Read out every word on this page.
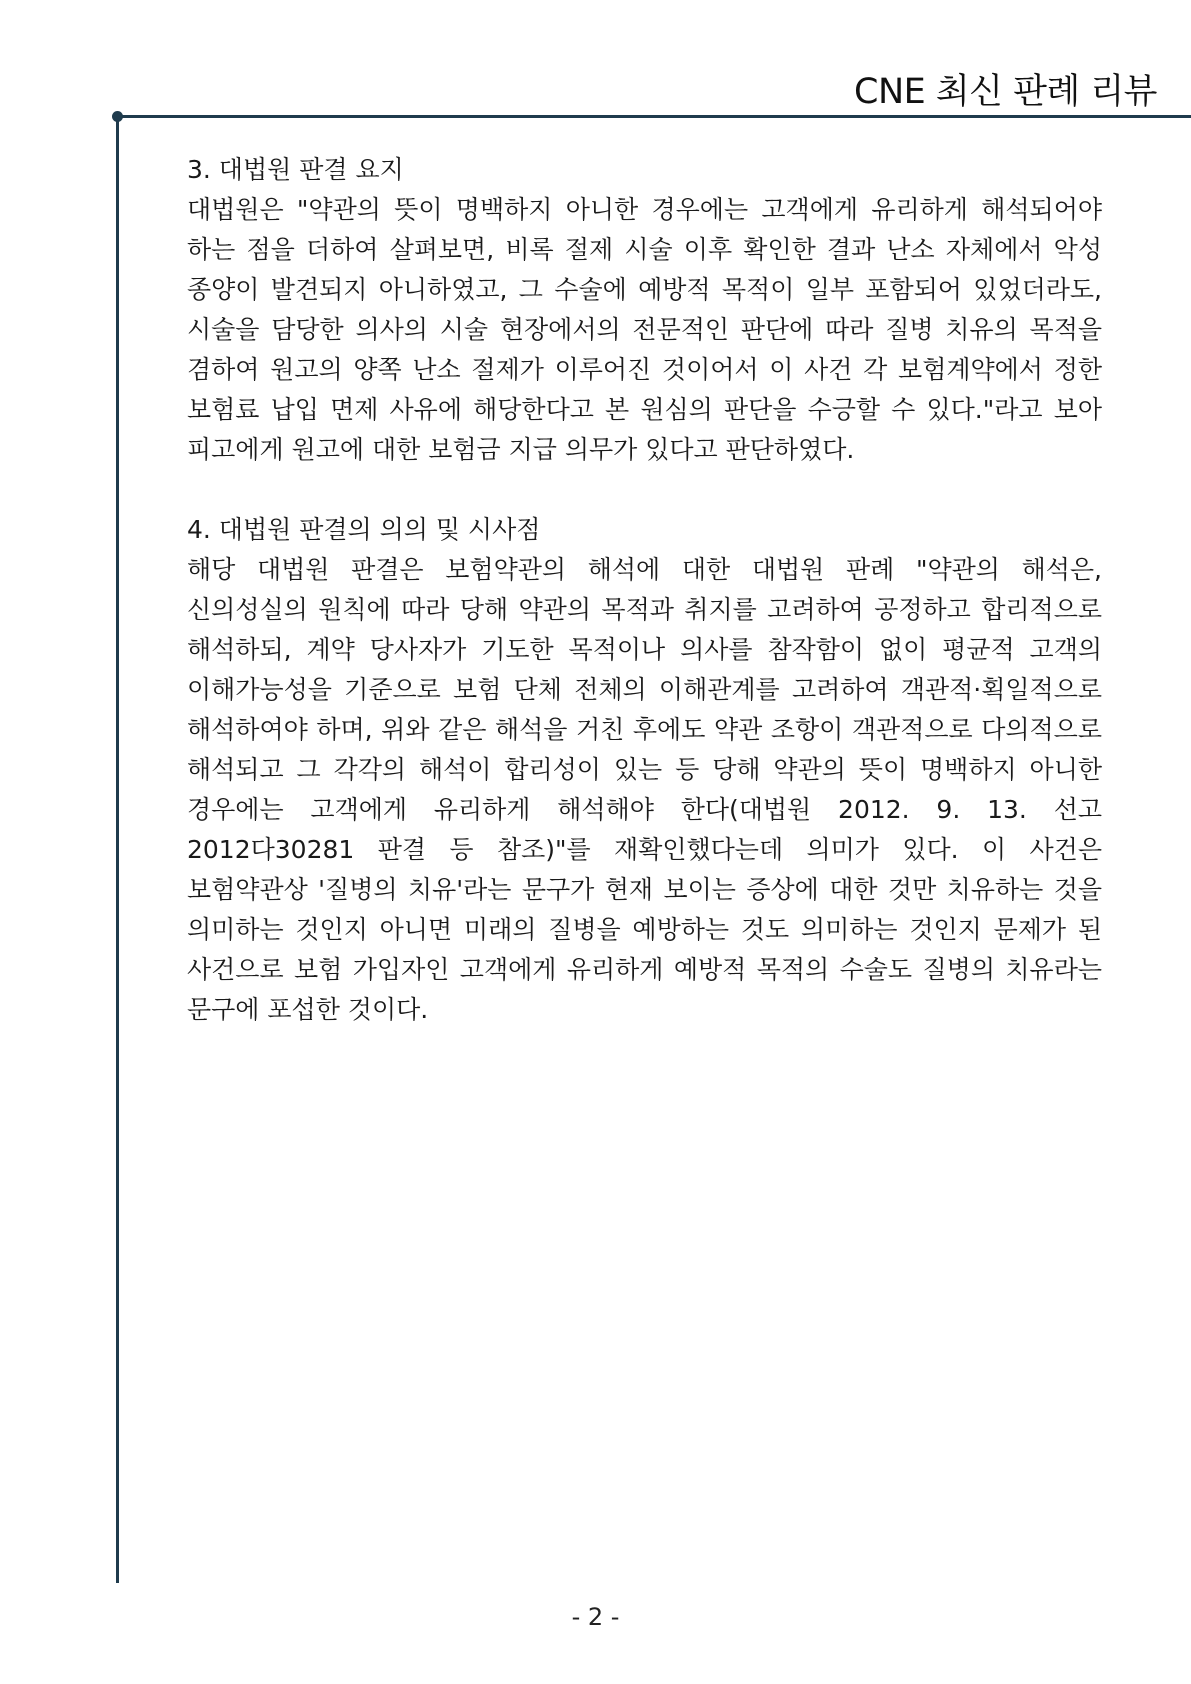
CNE 최신 판례 리뷰
3. 대법원 판결 요지

대법원은 "약관의 뜻이 명백하지 아니한 경우에는 고객에게 유리하게 해석되어야 하는 점을 더하여 살펴보면, 비록 절제 시술 이후 확인한 결과 난소 자체에서 악성 종양이 발견되지 아니하였고, 그 수술에 예방적 목적이 일부 포함되어 있었더라도, 시술을 담당한 의사의 시술 현장에서의 전문적인 판단에 따라 질병 치유의 목적을 겸하여 원고의 양쪽 난소 절제가 이루어진 것이어서 이 사건 각 보험계약에서 정한 보험료 납입 면제 사유에 해당한다고 본 원심의 판단을 수긍할 수 있다."라고 보아 피고에게 원고에 대한 보험금 지급 의무가 있다고 판단하였다.

4. 대법원 판결의 의의 및 시사점

해당 대법원 판결은 보험약관의 해석에 대한 대법원 판례 "약관의 해석은, 신의성실의 원칙에 따라 당해 약관의 목적과 취지를 고려하여 공정하고 합리적으로 해석하되, 계약 당사자가 기도한 목적이나 의사를 참작함이 없이 평균적 고객의 이해가능성을 기준으로 보험 단체 전체의 이해관계를 고려하여 객관적·획일적으로 해석하여야 하며, 위와 같은 해석을 거친 후에도 약관 조항이 객관적으로 다의적으로 해석되고 그 각각의 해석이 합리성이 있는 등 당해 약관의 뜻이 명백하지 아니한 경우에는 고객에게 유리하게 해석해야 한다(대법원 2012. 9. 13. 선고 2012다30281 판결 등 참조)"를 재확인했다는데 의미가 있다. 이 사건은 보험약관상 '질병의 치유'라는 문구가 현재 보이는 증상에 대한 것만 치유하는 것을 의미하는 것인지 아니면 미래의 질병을 예방하는 것도 의미하는 것인지 문제가 된 사건으로 보험 가입자인 고객에게 유리하게 예방적 목적의 수술도 질병의 치유라는 문구에 포섭한 것이다.

- 2 -
